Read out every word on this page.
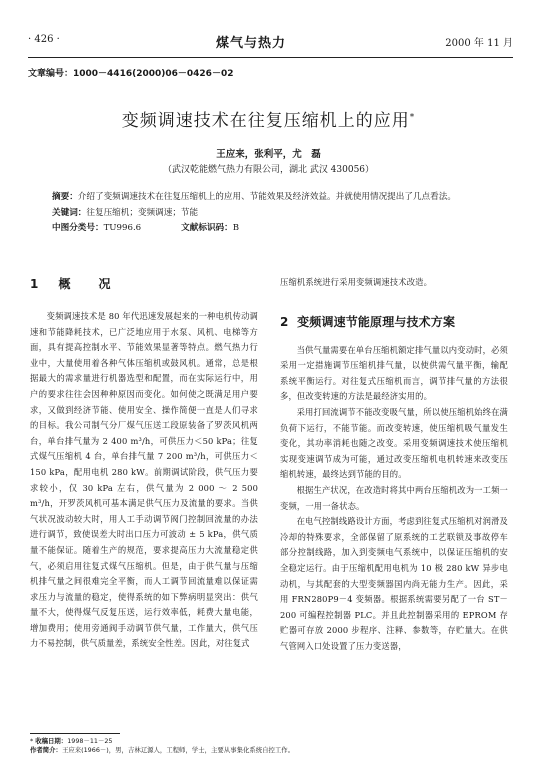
· 426 ·	煤气与热力	2000 年 11 月
文章编号：1000－4416(2000)06－0426－02
变频调速技术在往复压缩机上的应用*
王应来，张利平，尤　磊
（武汉乾能燃气热力有限公司，湖北 武汉 430056）
摘要：介绍了变频调速技术在往复压缩机上的应用、节能效果及经济效益。并就使用情况提出了几点看法。
关键词：往复压缩机；变频调速；节能
中图分类号：TU996.6	文献标识码：B
1 概　况

变频调速技术是 80 年代迅速发展起来的一种电机传动调速和节能降耗技术，已广泛地应用于水泵、风机、电梯等方面，具有提高控制水平、节能效果显著等特点。燃气热力行业中，大量使用着各种气体压缩机或鼓风机。通常，总是根据最大的需求量进行机器选型和配置，而在实际运行中，用户的要求往往会因种种原因而变化。如何使之既满足用户要求，又做到经济节能、使用安全、操作简便一直是人们寻求的目标。我公司制气分厂煤气压送工段原装备了罗茨风机两台，单台排气量为 2 400 m³/h，可供压力＜50 kPa；往复式煤气压缩机 4 台，单台排气量 7 200 m³/h，可供压力＜150 kPa，配用电机 280 kW。前期调试阶段，供气压力要求较小，仅 30 kPa 左右，供气量为 2 000 ～ 2 500 m³/h，开罗茨风机可基本满足供气压力及流量的要求。当供气状况波动较大时，用人工手动调节阀门控制回流量的办法进行调节，致使误差大时出口压力可波动 ± 5 kPa，供气质量不能保证。随着生产的规范，要求提高压力大流量稳定供气，必须启用往复式煤气压缩机。但是，由于供气量与压缩机排气量之间很难完全平衡，而人工调节回流量难以保证需求压力与流量的稳定，使得系统的如下弊病明显突出：供气量不大，使得煤气反复压送，运行效率低，耗费大量电能，增加费用；使用旁通阀手动调节供气量，工作量大，供气压力不易控制，供气质量差，系统安全性差。因此，对往复式

压缩机系统进行采用变频调速技术改造。
2 变频调速节能原理与技术方案

当供气量需要在单台压缩机额定排气量以内变动时，必须采用一定措施调节压缩机排气量，以使供需气量平衡，输配系统平衡运行。对往复式压缩机而言，调节排气量的方法很多，但改变转速的方法是最经济实用的。

采用打回流调节不能改变吸气量，所以使压缩机始终在满负荷下运行，不能节能。而改变转速，使压缩机吸气量发生变化，其功率消耗也随之改变。采用变频调速技术使压缩机实现变速调节成为可能，通过改变压缩机电机转速来改变压缩机转速，最终达到节能的目的。

根据生产状况，在改造时将其中两台压缩机改为一工频一变频，一用一备状态。

在电气控制线路设计方面，考虑到往复式压缩机对润滑及冷却的特殊要求，全部保留了原系统的工艺联锁及事故停车部分控制线路，加入到变频电气系统中，以保证压缩机的安全稳定运行。由于压缩机配用电机为 10 极 280 kW 异步电动机，与其配套的大型变频器国内尚无能力生产。因此，采用 FRN280P9－4 变频器。根据系统需要另配了一台 ST－200 可编程控制器 PLC。并且此控制器采用的 EPROM 存贮器可存放 2000 步程序、注释、参数等，存贮量大。在供气管网入口处设置了压力变送器，

* 收稿日期：1998－11－25
作者简介：王应来(1966－)，男，吉林辽源人，工程师，学士，主要从事集化系统自控工作。
